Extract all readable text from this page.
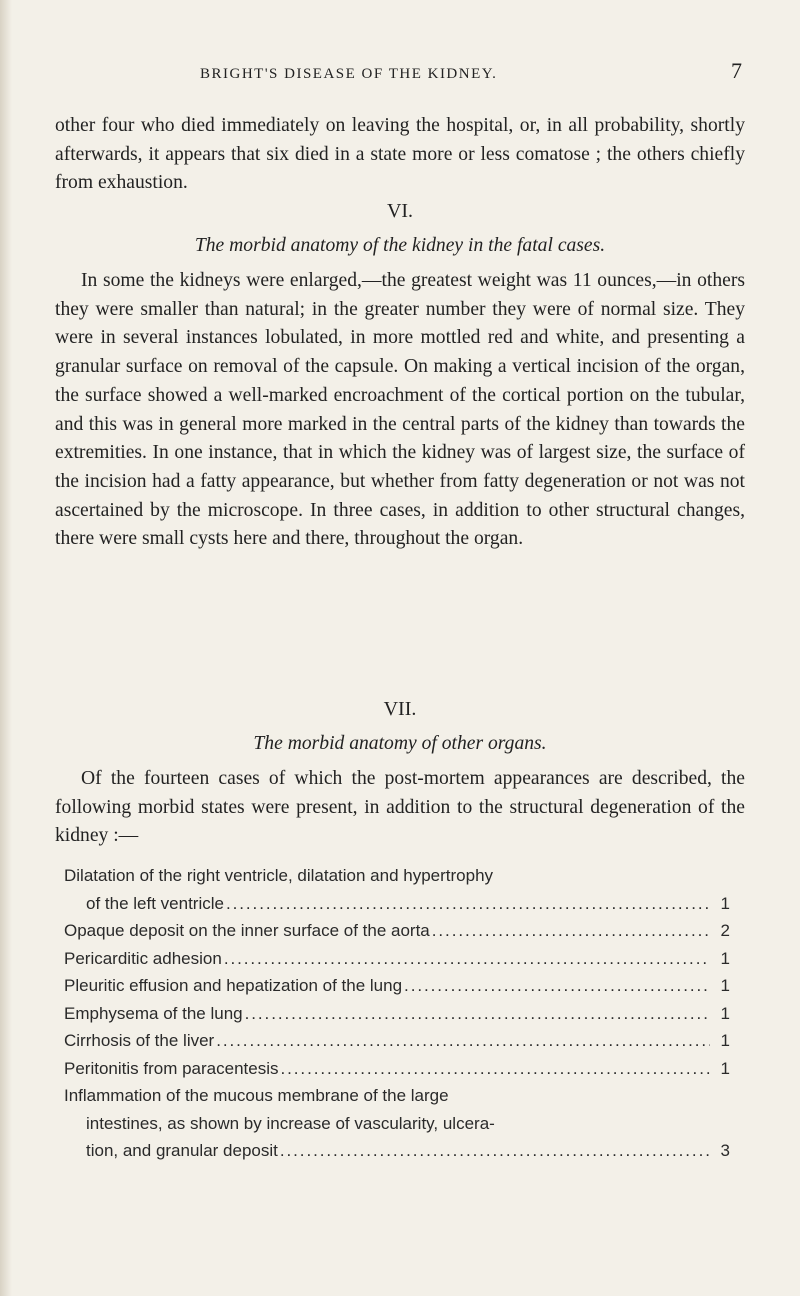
BRIGHT'S DISEASE OF THE KIDNEY.	7

other four who died immediately on leaving the hospital, or, in all probability, shortly afterwards, it appears that six died in a state more or less comatose ; the others chiefly from exhaustion.

VI.

The morbid anatomy of the kidney in the fatal cases.

In some the kidneys were enlarged,—the greatest weight was 11 ounces,—in others they were smaller than natural; in the greater number they were of normal size. They were in several instances lobulated, in more mottled red and white, and presenting a granular surface on removal of the capsule. On making a vertical incision of the organ, the surface showed a well-marked encroachment of the cortical portion on the tubular, and this was in general more marked in the central parts of the kidney than towards the extremities. In one instance, that in which the kidney was of largest size, the surface of the incision had a fatty appearance, but whether from fatty degeneration or not was not ascertained by the microscope. In three cases, in addition to other structural changes, there were small cysts here and there, throughout the organ.

VII.

The morbid anatomy of other organs.

Of the fourteen cases of which the post-mortem appearances are described, the following morbid states were present, in addition to the structural degeneration of the kidney :—

Dilatation of the right ventricle, dilatation and hypertrophy
of the left ventricle . . .	1
Opaque deposit on the inner surface of the aorta . . .	2
Pericarditic adhesion . . .	1
Pleuritic effusion and hepatization of the lung . . .	1
Emphysema of the lung . . .	1
Cirrhosis of the liver . . .	1
Peritonitis from paracentesis . . .	1
Inflammation of the mucous membrane of the large
intestines, as shown by increase of vascularity, ulcera-
tion, and granular deposit . . .	3
